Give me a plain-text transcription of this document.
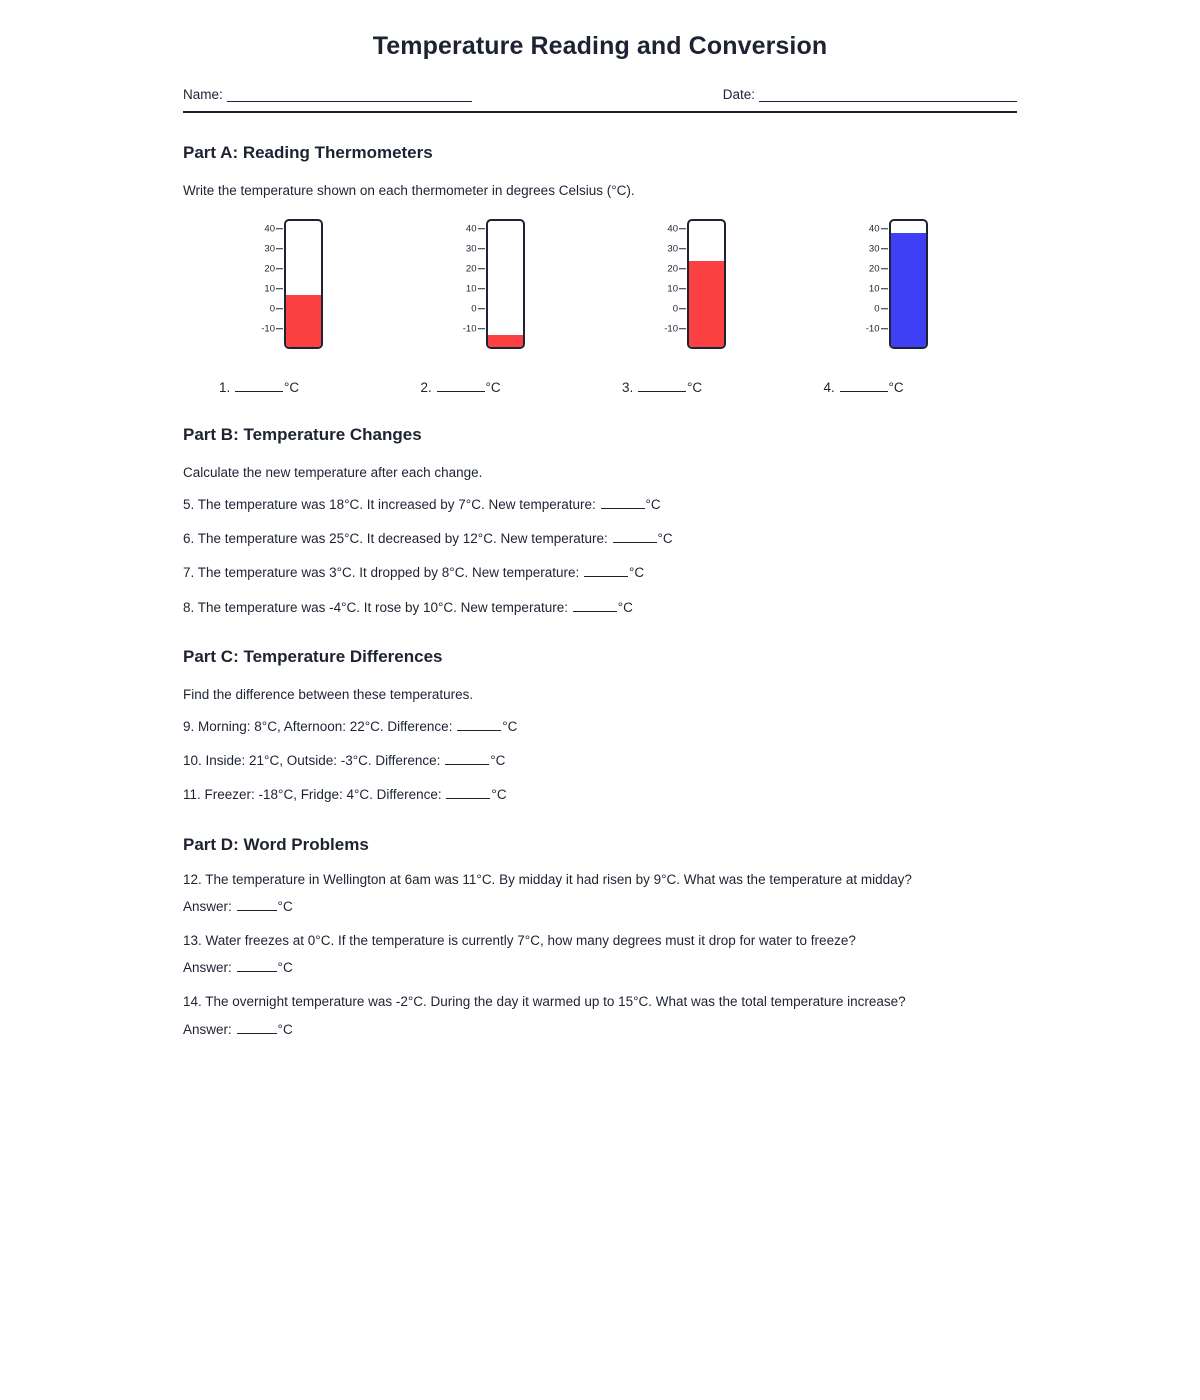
Temperature Reading and Conversion
Name:	Date:
Part A: Reading Thermometers

Write the temperature shown on each thermometer in degrees Celsius (°C).

40
30
20
10
0
-10
1.	°C
40
30
20
10
0
-10
2.	°C
40
30
20
10
0
-10
3.	°C
40
30
20
10
0
-10
4.	°C
Part B: Temperature Changes

Calculate the new temperature after each change.

5. The temperature was 18°C. It increased by 7°C. New temperature:	°C

6. The temperature was 25°C. It decreased by 12°C. New temperature:	°C

7. The temperature was 3°C. It dropped by 8°C. New temperature:	°C

8. The temperature was -4°C. It rose by 10°C. New temperature:	°C

Part C: Temperature Differences

Find the difference between these temperatures.

9. Morning: 8°C, Afternoon: 22°C. Difference:	°C

10. Inside: 21°C, Outside: -3°C. Difference:	°C

11. Freezer: -18°C, Fridge: 4°C. Difference:	°C

Part D: Word Problems

12. The temperature in Wellington at 6am was 11°C. By midday it had risen by 9°C. What was the temperature at midday?

Answer:	°C

13. Water freezes at 0°C. If the temperature is currently 7°C, how many degrees must it drop for water to freeze?

Answer:	°C

14. The overnight temperature was -2°C. During the day it warmed up to 15°C. What was the total temperature increase?

Answer:	°C
